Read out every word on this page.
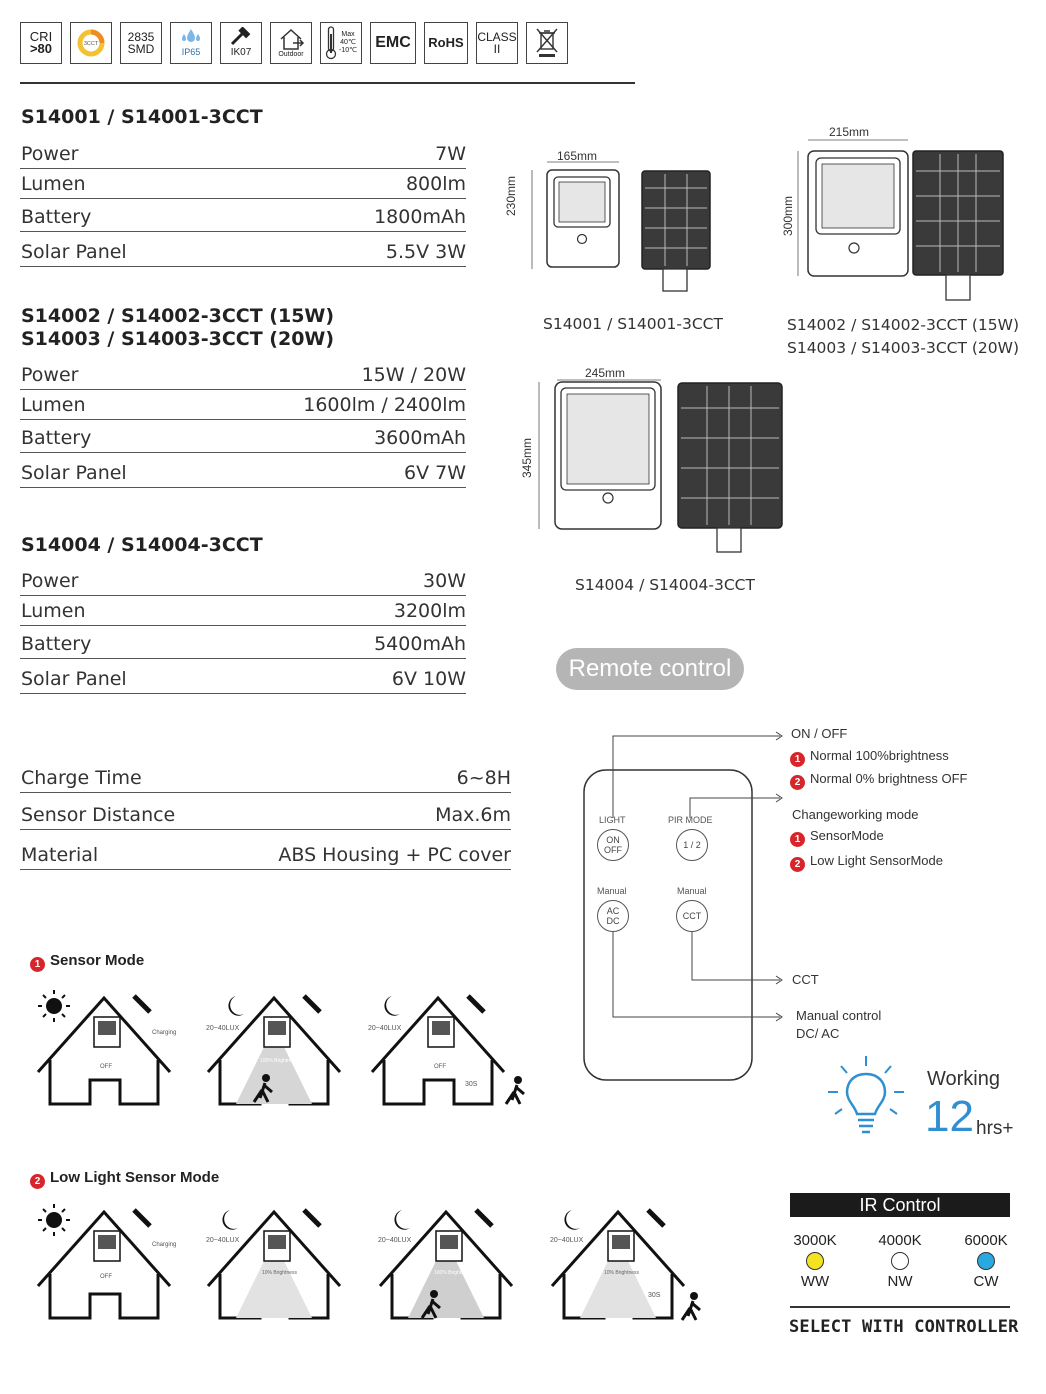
CRI
>80	3CCT 2835
SMD	IP65	IK07	Outdoor
Max
40℃
-10℃	EMC	RoHS	CLASS
II
S14001 / S14001-3CCT
Power	7W
Lumen	800lm
Battery	1800mAh
Solar Panel	5.5V 3W
S14002 / S14002-3CCT (15W)
S14003 / S14003-3CCT (20W)
Power	15W / 20W
Lumen	1600lm / 2400lm
Battery	3600mAh
Solar Panel	6V 7W
S14004 / S14004-3CCT
Power	30W
Lumen	3200lm
Battery	5400mAh
Solar Panel	6V 10W
Charge Time	6~8H
Sensor Distance	Max.6m
Material	ABS Housing + PC cover
165mm
230mm
S14001 / S14001-3CCT
215mm
300mm
S14002 / S14002-3CCT (15W)
S14003 / S14003-3CCT (20W)
245mm
345mm
S14004 / S14004-3CCT
Remote control
LIGHT
ON
OFF
PIR MODE
1 / 2
Manual
AC
DC
Manual
CCT
ON / OFF
1 Normal 100%brightness
2 Normal 0% brightness OFF
Changeworking mode
1 SensorMode
2 Low Light SensorMode
CCT
Manual control
DC/ AC
Working
12 hrs+
1 Sensor Mode
Charging
OFF
20~40LUX
100% Brightness
20~40LUX
OFF
30S
2 Low Light Sensor Mode
Charging
OFF
20~40LUX
10% Brightness
20~40LUX
100% Brightness
20~40LUX
10% Brightness
30S
IR Control
3000K
WW
4000K
NW
6000K
CW
SELECT WITH CONTROLLER
